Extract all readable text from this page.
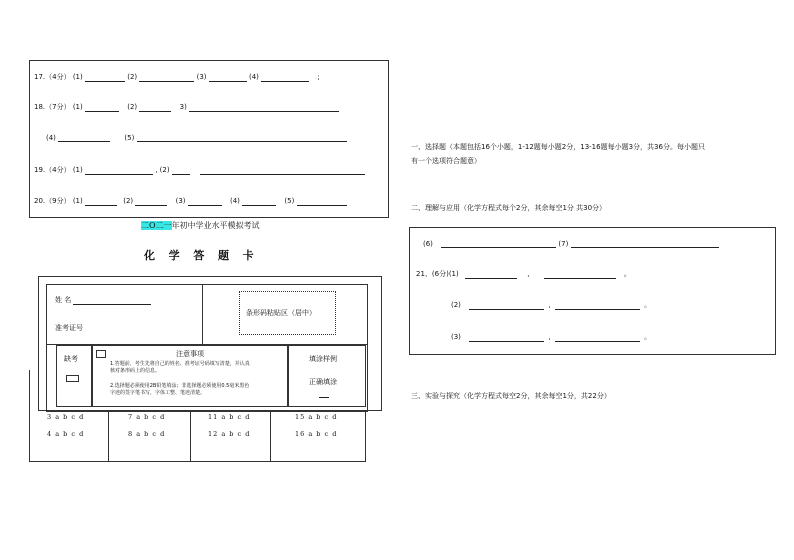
17.（4分） (1)	(2)	(3)	(4)	;
18.（7分） (1)	(2)	3)
(4)	(5)
19.（4分） (1)	, (2)
20.（9分） (1)	(2)	(3)	(4)	(5)
二O二一年初中学业水平模拟考试
化  学  答  题  卡
姓 名
准考证号
条形码粘贴区（居中）
缺考
注意事项
1.答题前，考生先将自己的姓名、准考证号码填写清楚，并认真核对条形码上的信息。
2.选择题必须使用2B铅笔填涂；非选择题必须使用0.5毫米黑色字迹的签字笔书写，字体工整、笔迹清楚。
填涂样例
正确填涂
3 a b c d	7 a b c d	11 a b c d	15 a b c d
4 a b c d	8 a b c d	12 a b c d	16 a b c d
一、选择题（本题包括16个小题，1-12题每小题2分，13-16题每小题3分，共36分。每小题只
有一个选项符合题意）
二、理解与应用（化学方程式每个2分，其余每空1分 共30分）
(6)	(7)
21、(6分)(1)	,	。
(2)	,	。
(3)	,	。
三、实验与探究（化学方程式每空2分，其余每空1分，共22分）
